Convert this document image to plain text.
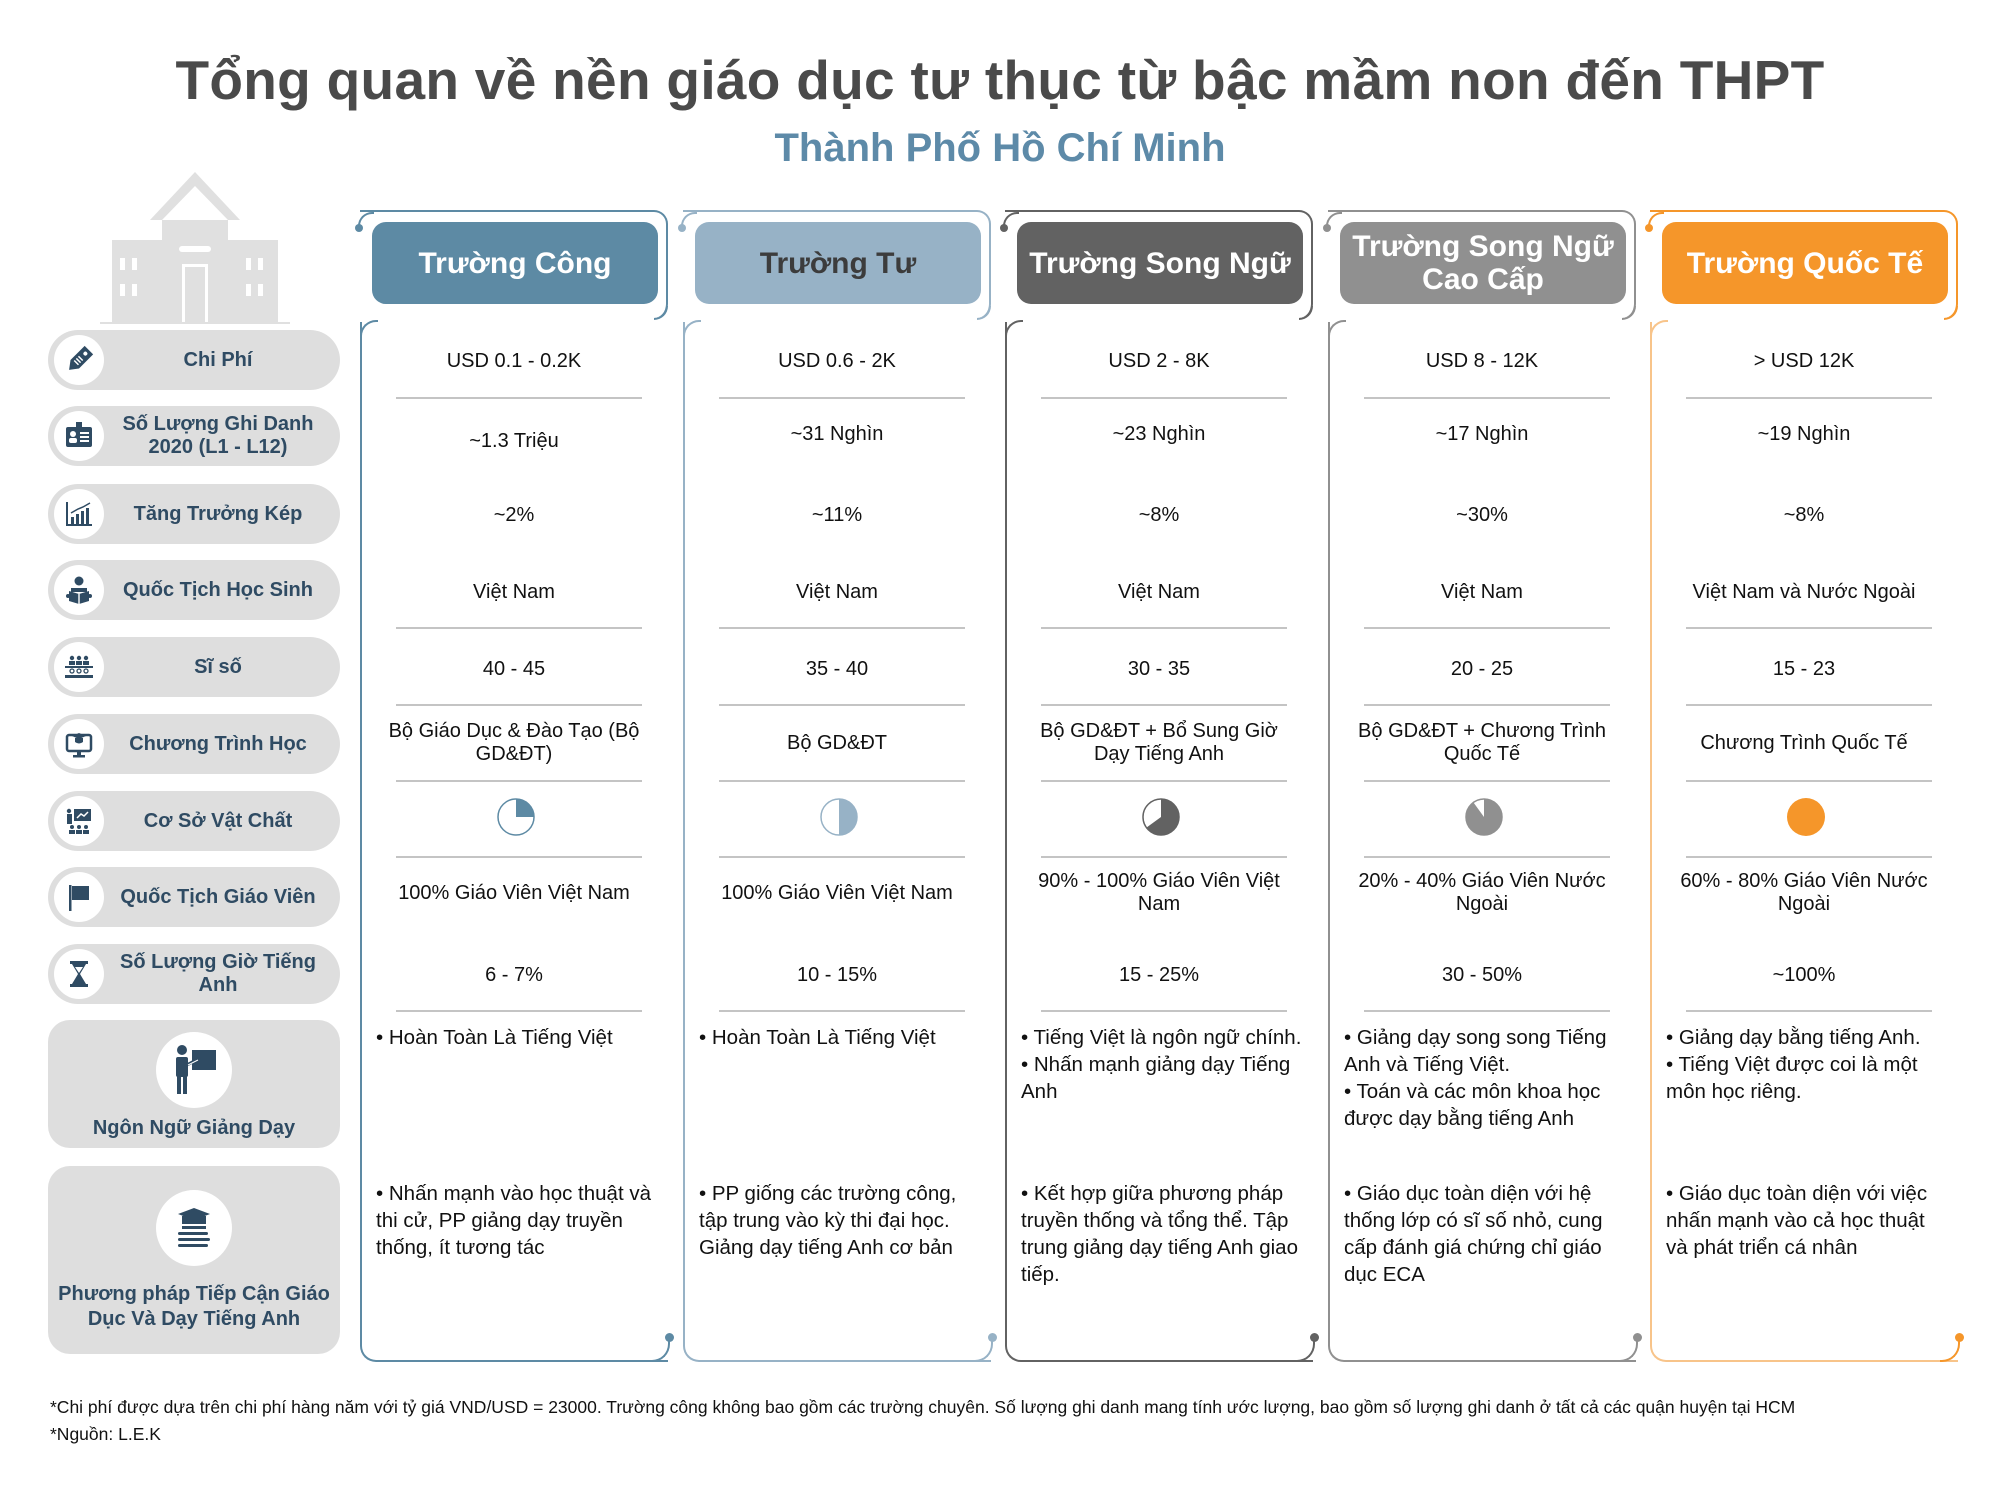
Tổng quan về nền giáo dục tư thục từ bậc mầm non đến THPT
Thành Phố Hồ Chí Minh
Chi Phí
Số Lượng Ghi Danh 2020 (L1 - L12)
Tăng Trưởng Kép
Quốc Tịch Học Sinh
Sĩ số
Chương Trình Học
Cơ Sở Vật Chất
Quốc Tịch Giáo Viên
Số Lượng Giờ Tiếng Anh
Ngôn Ngữ Giảng Dạy
Phương pháp Tiếp Cận Giáo Dục Và Dạy Tiếng Anh
Trường Công
USD 0.1 - 0.2K
~1.3 Triệu
~2%
Việt Nam
40 - 45
Bộ Giáo Dục & Đào Tạo (Bộ GD&ĐT)
100% Giáo Viên Việt Nam
6 - 7%
• Hoàn Toàn Là Tiếng Việt
• Nhấn mạnh vào học thuật và thi cử, PP giảng dạy truyền thống, ít tương tác
Trường Tư
USD 0.6 - 2K
~31 Nghìn
~11%
Việt Nam
35 - 40
Bộ GD&ĐT
100% Giáo Viên Việt Nam
10 - 15%
• Hoàn Toàn Là Tiếng Việt
• PP giống các trường công, tập trung vào kỳ thi đại học. Giảng dạy tiếng Anh cơ bản
Trường Song Ngữ
USD 2 - 8K
~23 Nghìn
~8%
Việt Nam
30 - 35
Bộ GD&ĐT + Bổ Sung Giờ Dạy Tiếng Anh
90% - 100% Giáo Viên Việt Nam
15 - 25%
• Tiếng Việt là ngôn ngữ chính.
• Nhấn mạnh giảng dạy Tiếng Anh
• Kết hợp giữa phương pháp truyền thống và tổng thể. Tập trung giảng dạy tiếng Anh giao tiếp.
Trường Song Ngữ Cao Cấp
USD 8 - 12K
~17 Nghìn
~30%
Việt Nam
20 - 25
Bộ GD&ĐT + Chương Trình Quốc Tế
20% - 40% Giáo Viên Nước Ngoài
30 - 50%
• Giảng dạy song song Tiếng Anh và Tiếng Việt.
• Toán và các môn khoa học được dạy bằng tiếng Anh
• Giáo dục toàn diện với hệ thống lớp có sĩ số nhỏ, cung cấp đánh giá chứng chỉ giáo dục ECA
Trường Quốc Tế
> USD 12K
~19 Nghìn
~8%
Việt Nam và Nước Ngoài
15 - 23
Chương Trình Quốc Tế
60% - 80% Giáo Viên Nước Ngoài
~100%
• Giảng dạy bằng tiếng Anh.
• Tiếng Việt được coi là một môn học riêng.
• Giáo dục toàn diện với việc nhấn mạnh vào cả học thuật và phát triển cá nhân
*Chi phí được dựa trên chi phí hàng năm với tỷ giá VND/USD = 23000. Trường công không bao gồm các trường chuyên. Số lượng ghi danh mang tính ước lượng, bao gồm số lượng ghi danh ở tất cả các quận huyện tại HCM
*Nguồn: L.E.K
